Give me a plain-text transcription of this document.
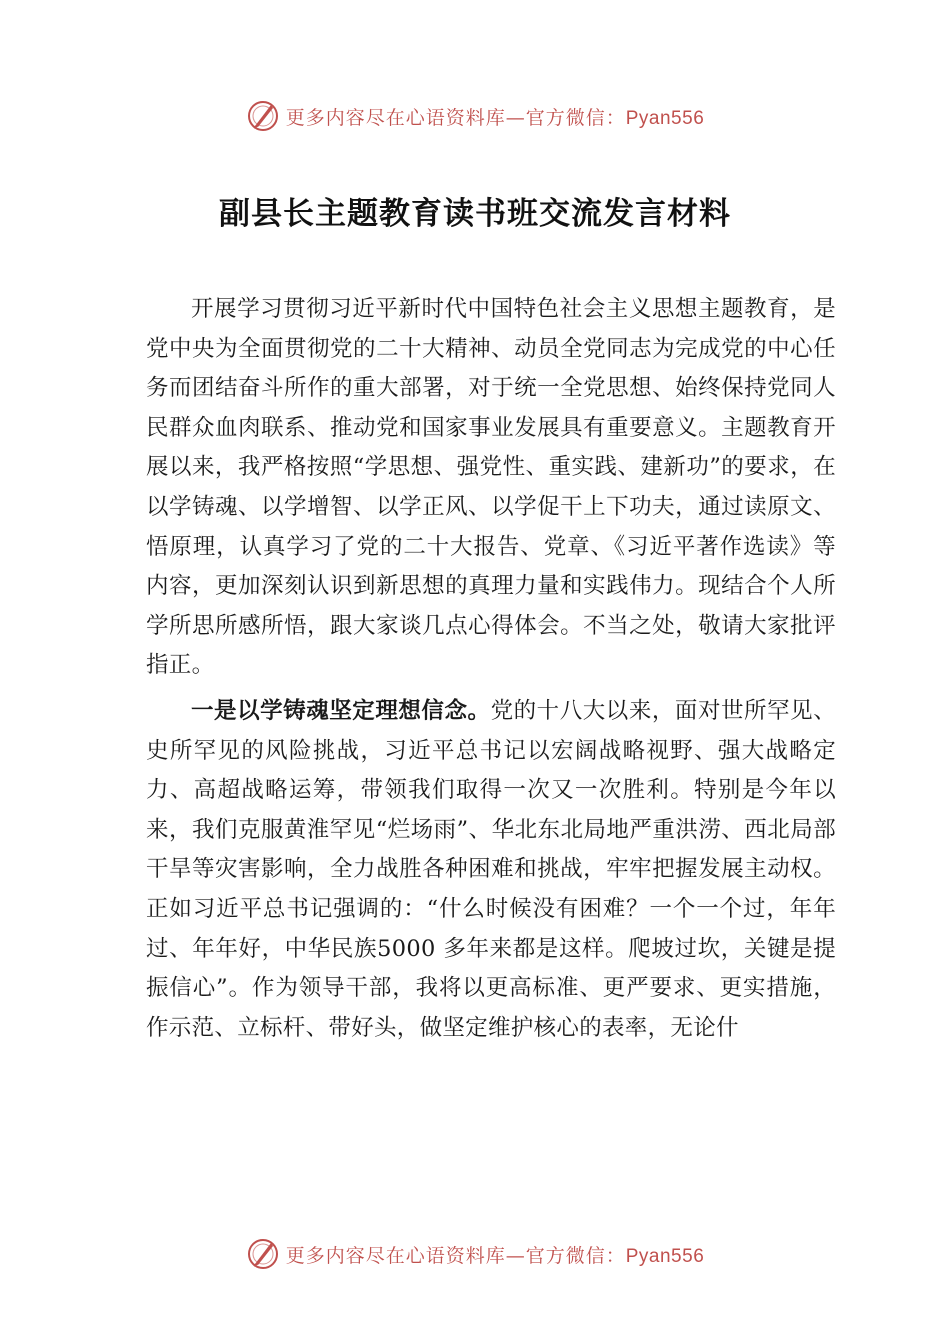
更多内容尽在心语资料库—官方微信：Pyan556
副县长主题教育读书班交流发言材料

开展学习贯彻习近平新时代中国特色社会主义思想主题教育，是党中央为全面贯彻党的二十大精神、动员全党同志为完成党的中心任务而团结奋斗所作的重大部署，对于统一全党思想、始终保持党同人民群众血肉联系、推动党和国家事业发展具有重要意义。主题教育开展以来，我严格按照“学思想、强党性、重实践、建新功”的要求，在以学铸魂、以学增智、以学正风、以学促干上下功夫，通过读原文、悟原理，认真学习了党的二十大报告、党章、《习近平著作选读》等内容，更加深刻认识到新思想的真理力量和实践伟力。现结合个人所学所思所感所悟，跟大家谈几点心得体会。不当之处，敬请大家批评指正。

一是以学铸魂坚定理想信念。党的十八大以来，面对世所罕见、史所罕见的风险挑战，习近平总书记以宏阔战略视野、强大战略定力、高超战略运筹，带领我们取得一次又一次胜利。特别是今年以来，我们克服黄淮罕见“烂场雨”、华北东北局地严重洪涝、西北局部干旱等灾害影响，全力战胜各种困难和挑战，牢牢把握发展主动权。正如习近平总书记强调的：“什么时候没有困难？一个一个过，年年过、年年好，中华民族5000 多年来都是这样。爬坡过坎，关键是提振信心”。作为领导干部，我将以更高标准、更严要求、更实措施， 作示范、立标杆、带好头，做坚定维护核心的表率，无论什

更多内容尽在心语资料库—官方微信：Pyan556
